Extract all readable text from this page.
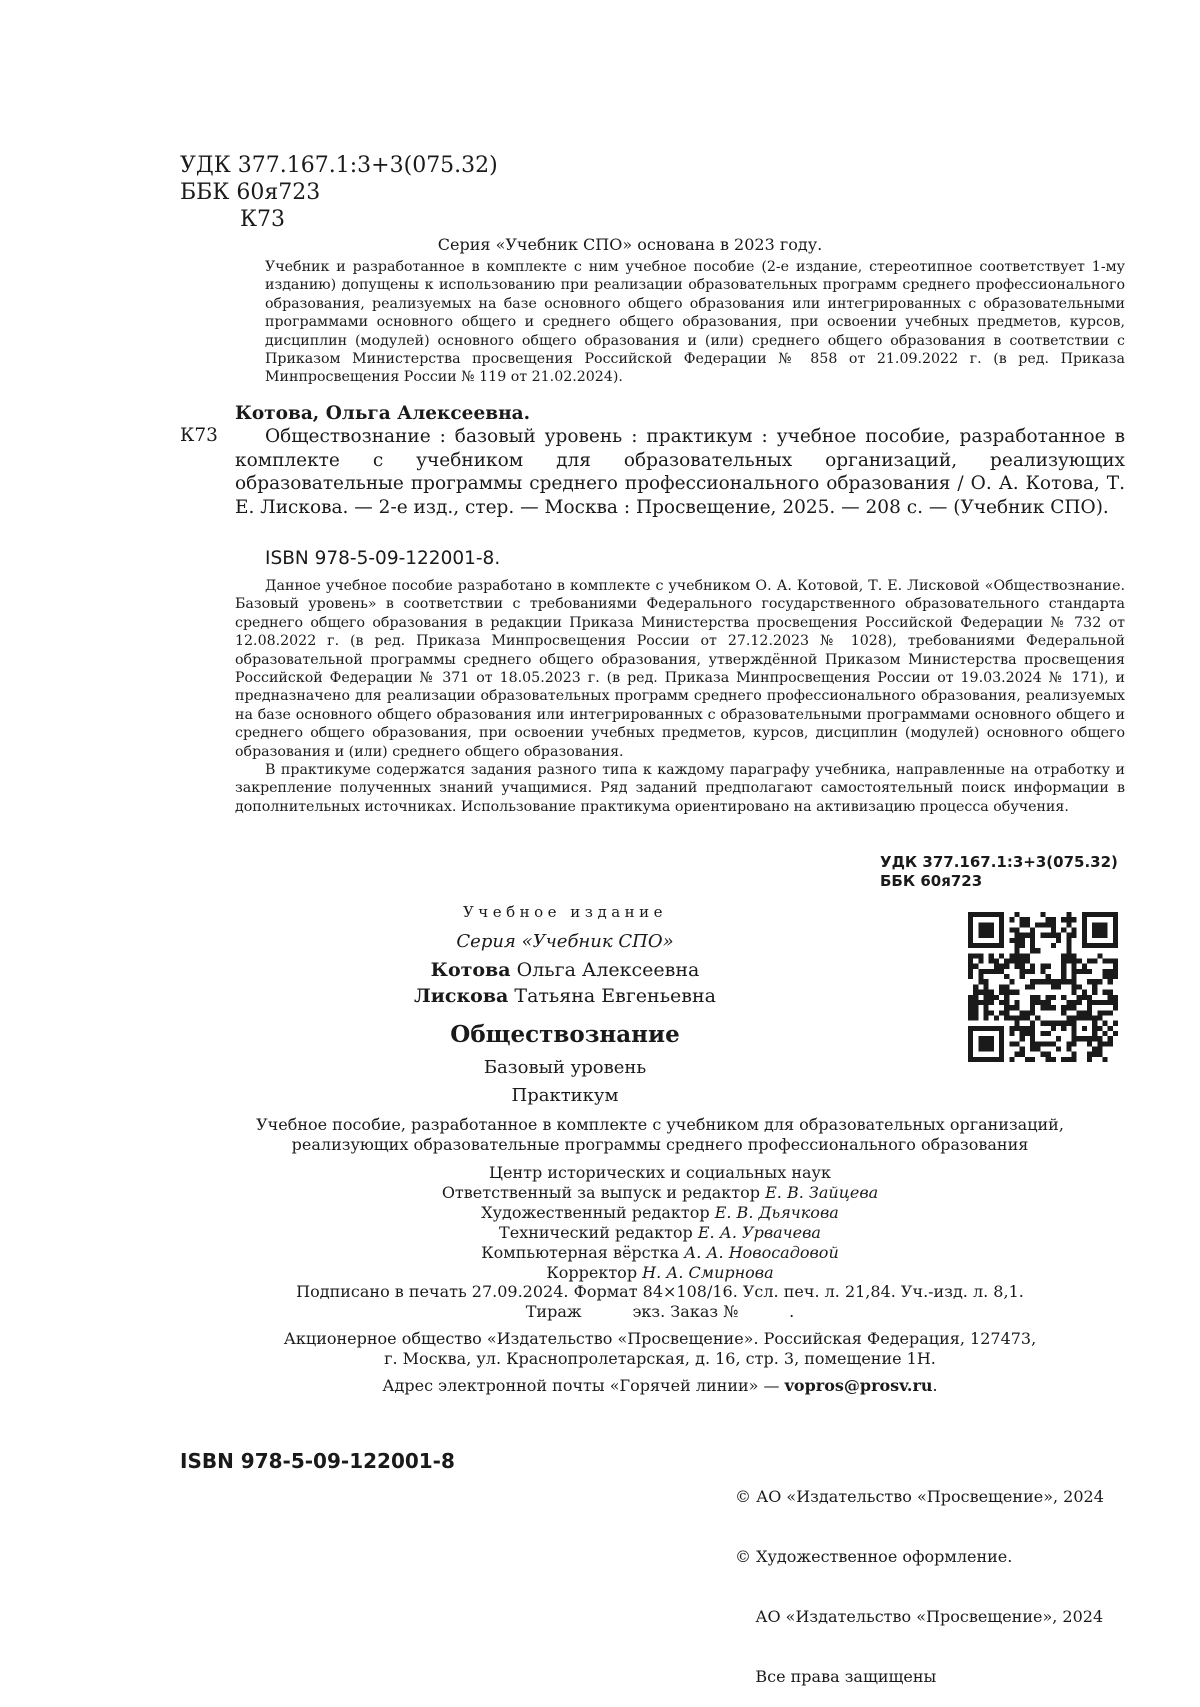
УДК 377.167.1:3+3(075.32)
ББК 60я723
К73
Серия «Учебник СПО» основана в 2023 году.
Учебник и разработанное в комплекте с ним учебное пособие (2-е издание, стереотипное соответствует 1-му изданию) допущены к использованию при реализации образовательных программ среднего профессионального образования, реализуемых на базе основного общего образования или интегрированных с образовательными программами основного общего и среднего общего образования, при освоении учебных предметов, курсов, дисциплин (модулей) основного общего образования и (или) среднего общего образования в соответствии с Приказом Министерства просвещения Российской Федерации № 858 от 21.09.2022 г. (в ред. Приказа Минпросвещения России № 119 от 21.02.2024).
Котова, Ольга Алексеевна.
К73	Обществознание : базовый уровень : практикум : учебное пособие, разработанное в комплекте с учебником для образовательных организаций, реализующих образовательные программы среднего профессионального образования / О. А. Котова, Т. Е. Лискова. — 2-е изд., стер. — Москва : Просвещение, 2025. — 208 с. — (Учебник СПО).
ISBN 978-5-09-122001-8.

Данное учебное пособие разработано в комплекте с учебником О. А. Котовой, Т. Е. Лисковой «Обществознание. Базовый уровень» в соответствии с требованиями Федерального государственного образовательного стандарта среднего общего образования в редакции Приказа Министерства просвещения Российской Федерации № 732 от 12.08.2022 г. (в ред. Приказа Минпросвещения России от 27.12.2023 № 1028), требованиями Федеральной образовательной программы среднего общего образования, утверждённой Приказом Министерства просвещения Российской Федерации № 371 от 18.05.2023 г. (в ред. Приказа Минпросвещения России от 19.03.2024 № 171), и предназначено для реализации образовательных программ среднего профессионального образования, реализуемых на базе основного общего образования или интегрированных с образовательными программами основного общего и среднего общего образования, при освоении учебных предметов, курсов, дисциплин (модулей) основного общего образования и (или) среднего общего образования.

В практикуме содержатся задания разного типа к каждому параграфу учебника, направленные на отработку и закрепление полученных знаний учащимися. Ряд заданий предполагают самостоятельный поиск информации в дополнительных источниках. Использование практикума ориентировано на активизацию процесса обучения.

УДК 377.167.1:3+3(075.32)
ББК 60я723
Учебное издание
Серия «Учебник СПО»
Котова Ольга Алексеевна
Лискова Татьяна Евгеньевна
Обществознание
Базовый уровень
Практикум
Учебное пособие, разработанное в комплекте с учебником для образовательных организаций,
реализующих образовательные программы среднего профессионального образования
Центр исторических и социальных наук
Ответственный за выпуск и редактор Е. В. Зайцева
Художественный редактор Е. В. Дьячкова
Технический редактор Е. А. Урвачева
Компьютерная вёрстка А. А. Новосадовой
Корректор Н. А. Смирнова
Подписано в печать 27.09.2024. Формат 84×108/16. Усл. печ. л. 21,84. Уч.-изд. л. 8,1.
Тираж          экз. Заказ №          .
Акционерное общество «Издательство «Просвещение». Российская Федерация, 127473,
г. Москва, ул. Краснопролетарская, д. 16, стр. 3, помещение 1Н.
Адрес электронной почты «Горячей линии» — vopros@prosv.ru.
ISBN 978-5-09-122001-8

© АО «Издательство «Просвещение», 2024

© Художественное оформление.

АО «Издательство «Просвещение», 2024

Все права защищены
